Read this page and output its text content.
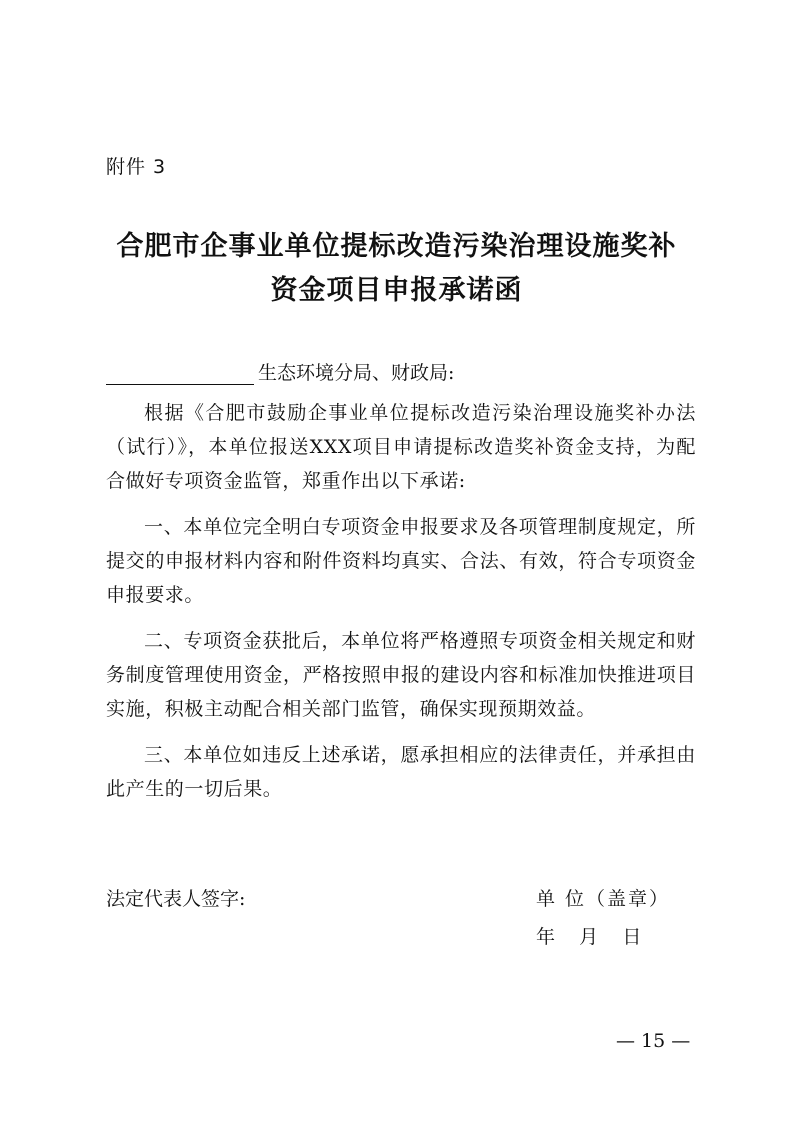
附件 3
合肥市企事业单位提标改造污染治理设施奖补
资金项目申报承诺函
生态环境分局、财政局:
根据《合肥市鼓励企事业单位提标改造污染治理设施奖补办法（试行）》，本单位报送XXX项目申请提标改造奖补资金支持，为配合做好专项资金监管，郑重作出以下承诺:
一、本单位完全明白专项资金申报要求及各项管理制度规定，所提交的申报材料内容和附件资料均真实、合法、有效，符合专项资金申报要求。
二、专项资金获批后，本单位将严格遵照专项资金相关规定和财务制度管理使用资金，严格按照申报的建设内容和标准加快推进项目实施，积极主动配合相关部门监管，确保实现预期效益。
三、本单位如违反上述承诺，愿承担相应的法律责任，并承担由此产生的一切后果。
法定代表人签字:	单 位（盖章）
年    月    日
— 15 —
